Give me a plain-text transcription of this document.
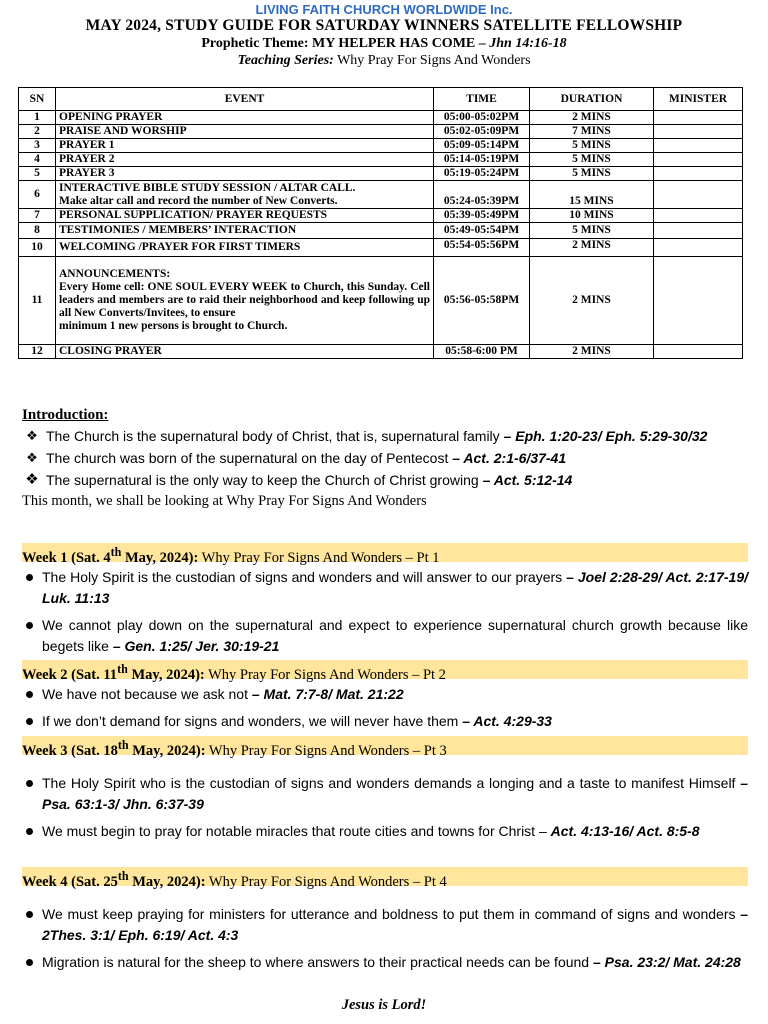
LIVING FAITH CHURCH WORLDWIDE Inc.
MAY 2024, STUDY GUIDE FOR SATURDAY WINNERS SATELLITE FELLOWSHIP
Prophetic Theme: MY HELPER HAS COME – Jhn 14:16-18
Teaching Series: Why Pray For Signs And Wonders
SN	EVENT	TIME	DURATION	MINISTER
1	OPENING PRAYER	05:00-05:02PM	2 MINS	
2	PRAISE AND WORSHIP	05:02-05:09PM	7 MINS	
3	PRAYER 1	05:09-05:14PM	5 MINS	
4	PRAYER 2	05:14-05:19PM	5 MINS	
5	PRAYER 3	05:19-05:24PM	5 MINS	
6	INTERACTIVE BIBLE STUDY SESSION / ALTAR CALL.
Make altar call and record the number of New Converts.	05:24-05:39PM	15 MINS	
7	PERSONAL SUPPLICATION/ PRAYER REQUESTS	05:39-05:49PM	10 MINS	
8	TESTIMONIES / MEMBERS’ INTERACTION	05:49-05:54PM	5 MINS	
10	WELCOMING /PRAYER FOR FIRST TIMERS	05:54-05:56PM	2 MINS	
11	ANNOUNCEMENTS:

Every Home cell: ONE SOUL EVERY WEEK to Church, this Sunday. Cell leaders and members are to raid their neighborhood and keep following up all New Converts/Invitees, to ensure

minimum 1 new persons is brought to Church.	05:56-05:58PM	2 MINS	
12	CLOSING PRAYER	05:58-6:00 PM	2 MINS	
Introduction:
❖ The Church is the supernatural body of Christ, that is, supernatural family – Eph. 1:20-23/ Eph. 5:29-30/32
❖ The church was born of the supernatural on the day of Pentecost – Act. 2:1-6/37-41
❖ The supernatural is the only way to keep the Church of Christ growing – Act. 5:12-14
This month, we shall be looking at Why Pray For Signs And Wonders
Week 1 (Sat. 4th May, 2024): Why Pray For Signs And Wonders – Pt 1
The Holy Spirit is the custodian of signs and wonders and will answer to our prayers – Joel 2:28-29/ Act. 2:17-19/ Luk. 11:13
We cannot play down on the supernatural and expect to experience supernatural church growth because like begets like – Gen. 1:25/ Jer. 30:19-21
Week 2 (Sat. 11th May, 2024): Why Pray For Signs And Wonders – Pt 2
We have not because we ask not – Mat. 7:7-8/ Mat. 21:22
If we don’t demand for signs and wonders, we will never have them – Act. 4:29-33
Week 3 (Sat. 18th May, 2024): Why Pray For Signs And Wonders – Pt 3
The Holy Spirit who is the custodian of signs and wonders demands a longing and a taste to manifest Himself – Psa. 63:1-3/ Jhn. 6:37-39
We must begin to pray for notable miracles that route cities and towns for Christ – Act. 4:13-16/ Act. 8:5-8
Week 4 (Sat. 25th May, 2024): Why Pray For Signs And Wonders – Pt 4
We must keep praying for ministers for utterance and boldness to put them in command of signs and wonders – 2Thes. 3:1/ Eph. 6:19/ Act. 4:3
Migration is natural for the sheep to where answers to their practical needs can be found – Psa. 23:2/ Mat. 24:28
Jesus is Lord!
